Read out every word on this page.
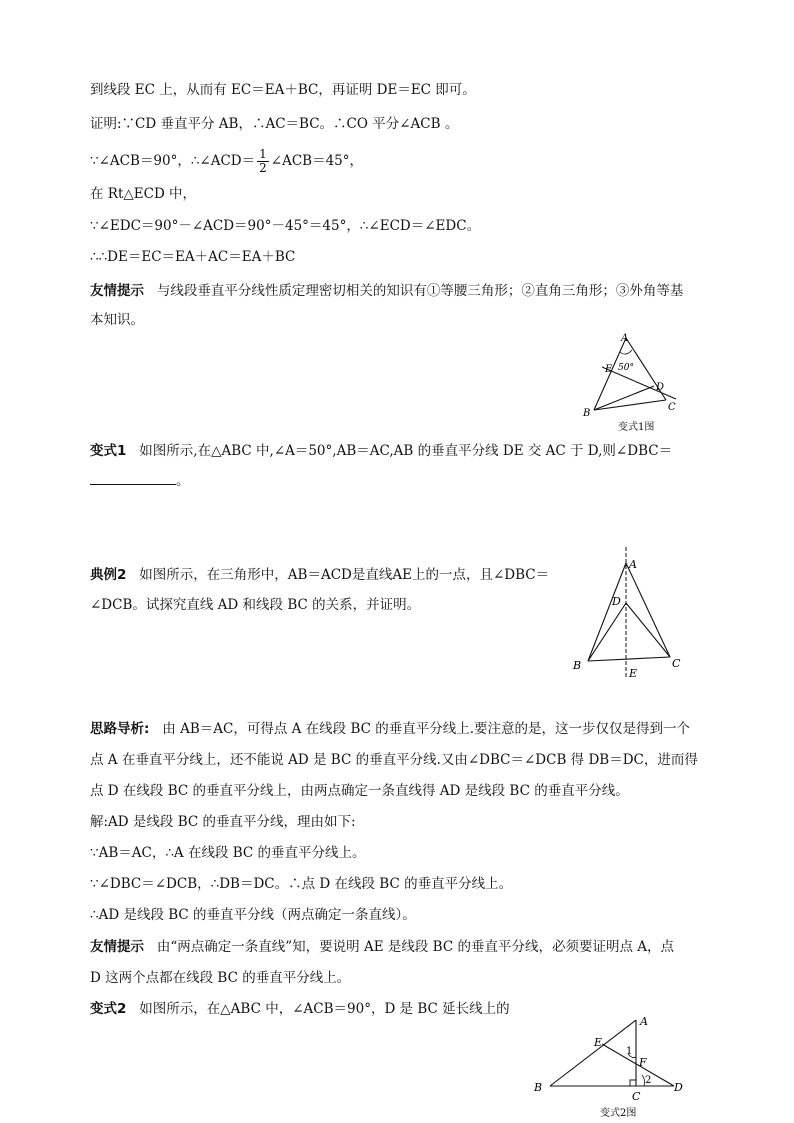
到线段 EC 上，从而有 EC＝EA＋BC，再证明 DE＝EC 即可。
证明:∵CD 垂直平分 AB，∴AC＝BC。∴CO 平分∠ACB 。
∵∠ACB＝90°，∴∠ACD＝ $\frac{1}{2}$ ∠ACB＝45°，
在 Rt△ECD 中，
∵∠EDC＝90°－∠ACD＝90°－45°＝45°，∴∠ECD＝∠EDC。
∴∴DE＝EC＝EA＋AC＝EA＋BC
友情提示 与线段垂直平分线性质定理密切相关的知识有①等腰三角形；②直角三角形；③外角等基
本知识。
A
E 50°
D
B
C
变式1图
变式1 如图所示,在△ABC 中,∠A＝50°,AB＝AC,AB 的垂直平分线 DE 交 AC 于 D,则∠DBC＝
。
典例2 如图所示，在三角形中，AB＝ACD是直线AE上的一点，且∠DBC＝
∠DCB。试探究直线 AD 和线段 BC 的关系，并证明。
A
D
B	C
E
思路导析: 由 AB＝AC，可得点 A 在线段 BC 的垂直平分线上.要注意的是，这一步仅仅是得到一个
点 A 在垂直平分线上，还不能说 AD 是 BC 的垂直平分线.又由∠DBC＝∠DCB 得 DB＝DC，进而得
点 D 在线段 BC 的垂直平分线上，由两点确定一条直线得 AD 是线段 BC 的垂直平分线。
解:AD 是线段 BC 的垂直平分线，理由如下:
∵AB＝AC，∴A 在线段 BC 的垂直平分线上。
∵∠DBC＝∠DCB，∴DB＝DC。∴点 D 在线段 BC 的垂直平分线上。
∴AD 是线段 BC 的垂直平分线（两点确定一条直线）。
友情提示 由“两点确定一条直线”知，要说明 AE 是线段 BC 的垂直平分线，必须要证明点 A，点
D 这两个点都在线段 BC 的垂直平分线上。
变式2 如图所示，在△ABC 中，∠ACB＝90°，D 是 BC 延长线上的
A
E
1
F
2
B
C
D
变式2图
